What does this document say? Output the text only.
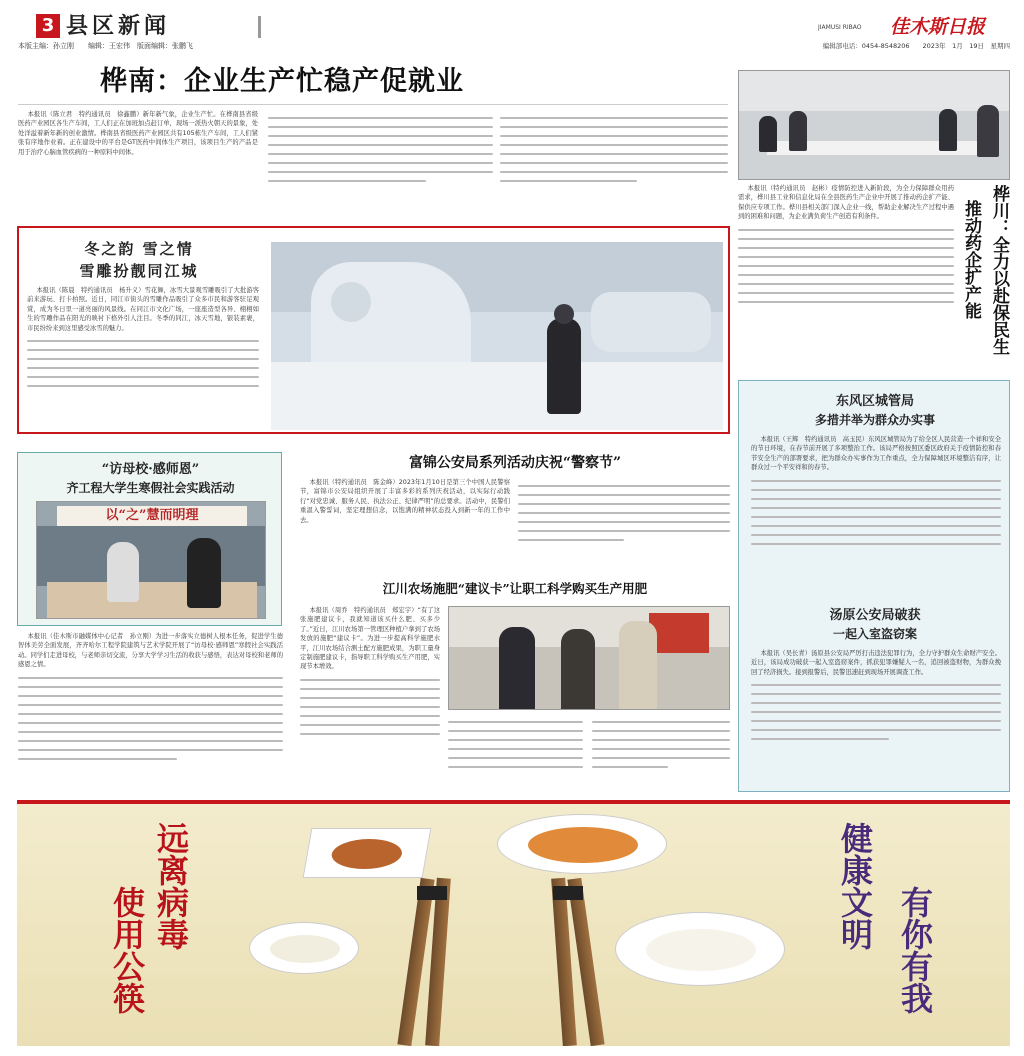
3 县区新闻	JIAMUSI RIBAO	佳木斯日报
本版主编：孙立刚　　编辑：王宏伟　版面编辑：张鹏飞	编辑部电话：0454-8548206　　2023年　1月　19日　星期四
桦南：企业生产忙稳产促就业

本报讯（陈立君　特约通讯员　徐鑫鹏）新年新气象，企业生产忙。在桦南县省级医药产业园区各生产车间，工人们正在加班加点赶订单，现场一派热火朝天的景象，处处洋溢着新年新的创业激情。桦南县省级医药产业园区共有105栋生产车间，工人们紧张有序地作业着。正在建设中的平台是GT医药中间体生产项目，该项目生产的产品是用于治疗心脑血管疾病的一种原料中间体。

桦川：全力以赴保民生
推动药企扩产能

本报讯（特约通讯员　赵彬）疫情防控进入新阶段，为全力保障群众用药需求，桦川县工业和信息化局在全县医药生产企业中开展了推动药企扩产能、保供应专项工作。桦川县相关部门深入企业一线，帮助企业解决生产过程中遇到的困难和问题，为企业满负荷生产创造有利条件。

冬之韵 雪之情
雪雕扮靓同江城

本报讯（陈晨　特约通讯员　杨升义）雪花舞，冰雪大景观雪雕吸引了大批游客前来游玩、打卡拍照。近日，同江市街头的雪雕作品吸引了众多市民和游客驻足观赏，成为冬日里一道亮丽的风景线。在同江市文化广场，一座座造型各异、栩栩如生的雪雕作品在阳光的映衬下格外引人注目。冬季的同江，冰天雪地，银装素裹，市民纷纷来到这里感受冰雪的魅力。

“访母校·感师恩”
齐工程大学生寒假社会实践活动
以“之”慧而明理

本报讯（佳木斯市融媒体中心记者　孙立刚）为进一步落实立德树人根本任务，促进学生德智体美劳全面发展，齐齐哈尔工程学院建筑与艺术学院开展了“访母校·感师恩”寒假社会实践活动。同学们走进母校，与老师亲切交流，分享大学学习生活的收获与感悟，表达对母校和老师的感恩之情。

富锦公安局系列活动庆祝“警察节”

本报讯（特约通讯员　陈金峰）2023年1月10日是第三个中国人民警察节，富锦市公安局组织开展了丰富多彩的系列庆祝活动，以实际行动践行“对党忠诚、服务人民、执法公正、纪律严明”的总要求。活动中，民警们重温入警誓词，坚定理想信念，以饱满的精神状态投入到新一年的工作中去。

江川农场施肥“建议卡”让职工科学购买生产用肥

本报讯（周乔　特约通讯员　郑宏宇）“有了这张施肥建议卡，我就知道该买什么肥、买多少了。”近日，江川农场第一管理区种植户拿到了农场发放的施肥“建议卡”。为进一步提高科学施肥水平，江川农场结合测土配方施肥成果，为职工量身定制施肥建议卡，指导职工科学购买生产用肥，实现节本增效。

东风区城管局
多措并举为群众办实事

本报讯（王辉　特约通讯员　高玉民）东风区城管局为了给全区人民营造一个祥和安全的节日环境，在春节前开展了多项整治工作。该局严格按照区委区政府关于疫情防控和春节安全生产的部署要求，把为群众办实事作为工作重点，全力保障城区环境整洁有序，让群众过一个平安祥和的春节。

汤原公安局破获
一起入室盗窃案

本报讯（吴长青）汤原县公安局严厉打击违法犯罪行为，全力守护群众生命财产安全。近日，该局成功破获一起入室盗窃案件，抓获犯罪嫌疑人一名，追回被盗财物，为群众挽回了经济损失。接到报警后，民警迅速赶到现场开展调查工作。

远离病毒
使用公筷	健康文明 有你有我
